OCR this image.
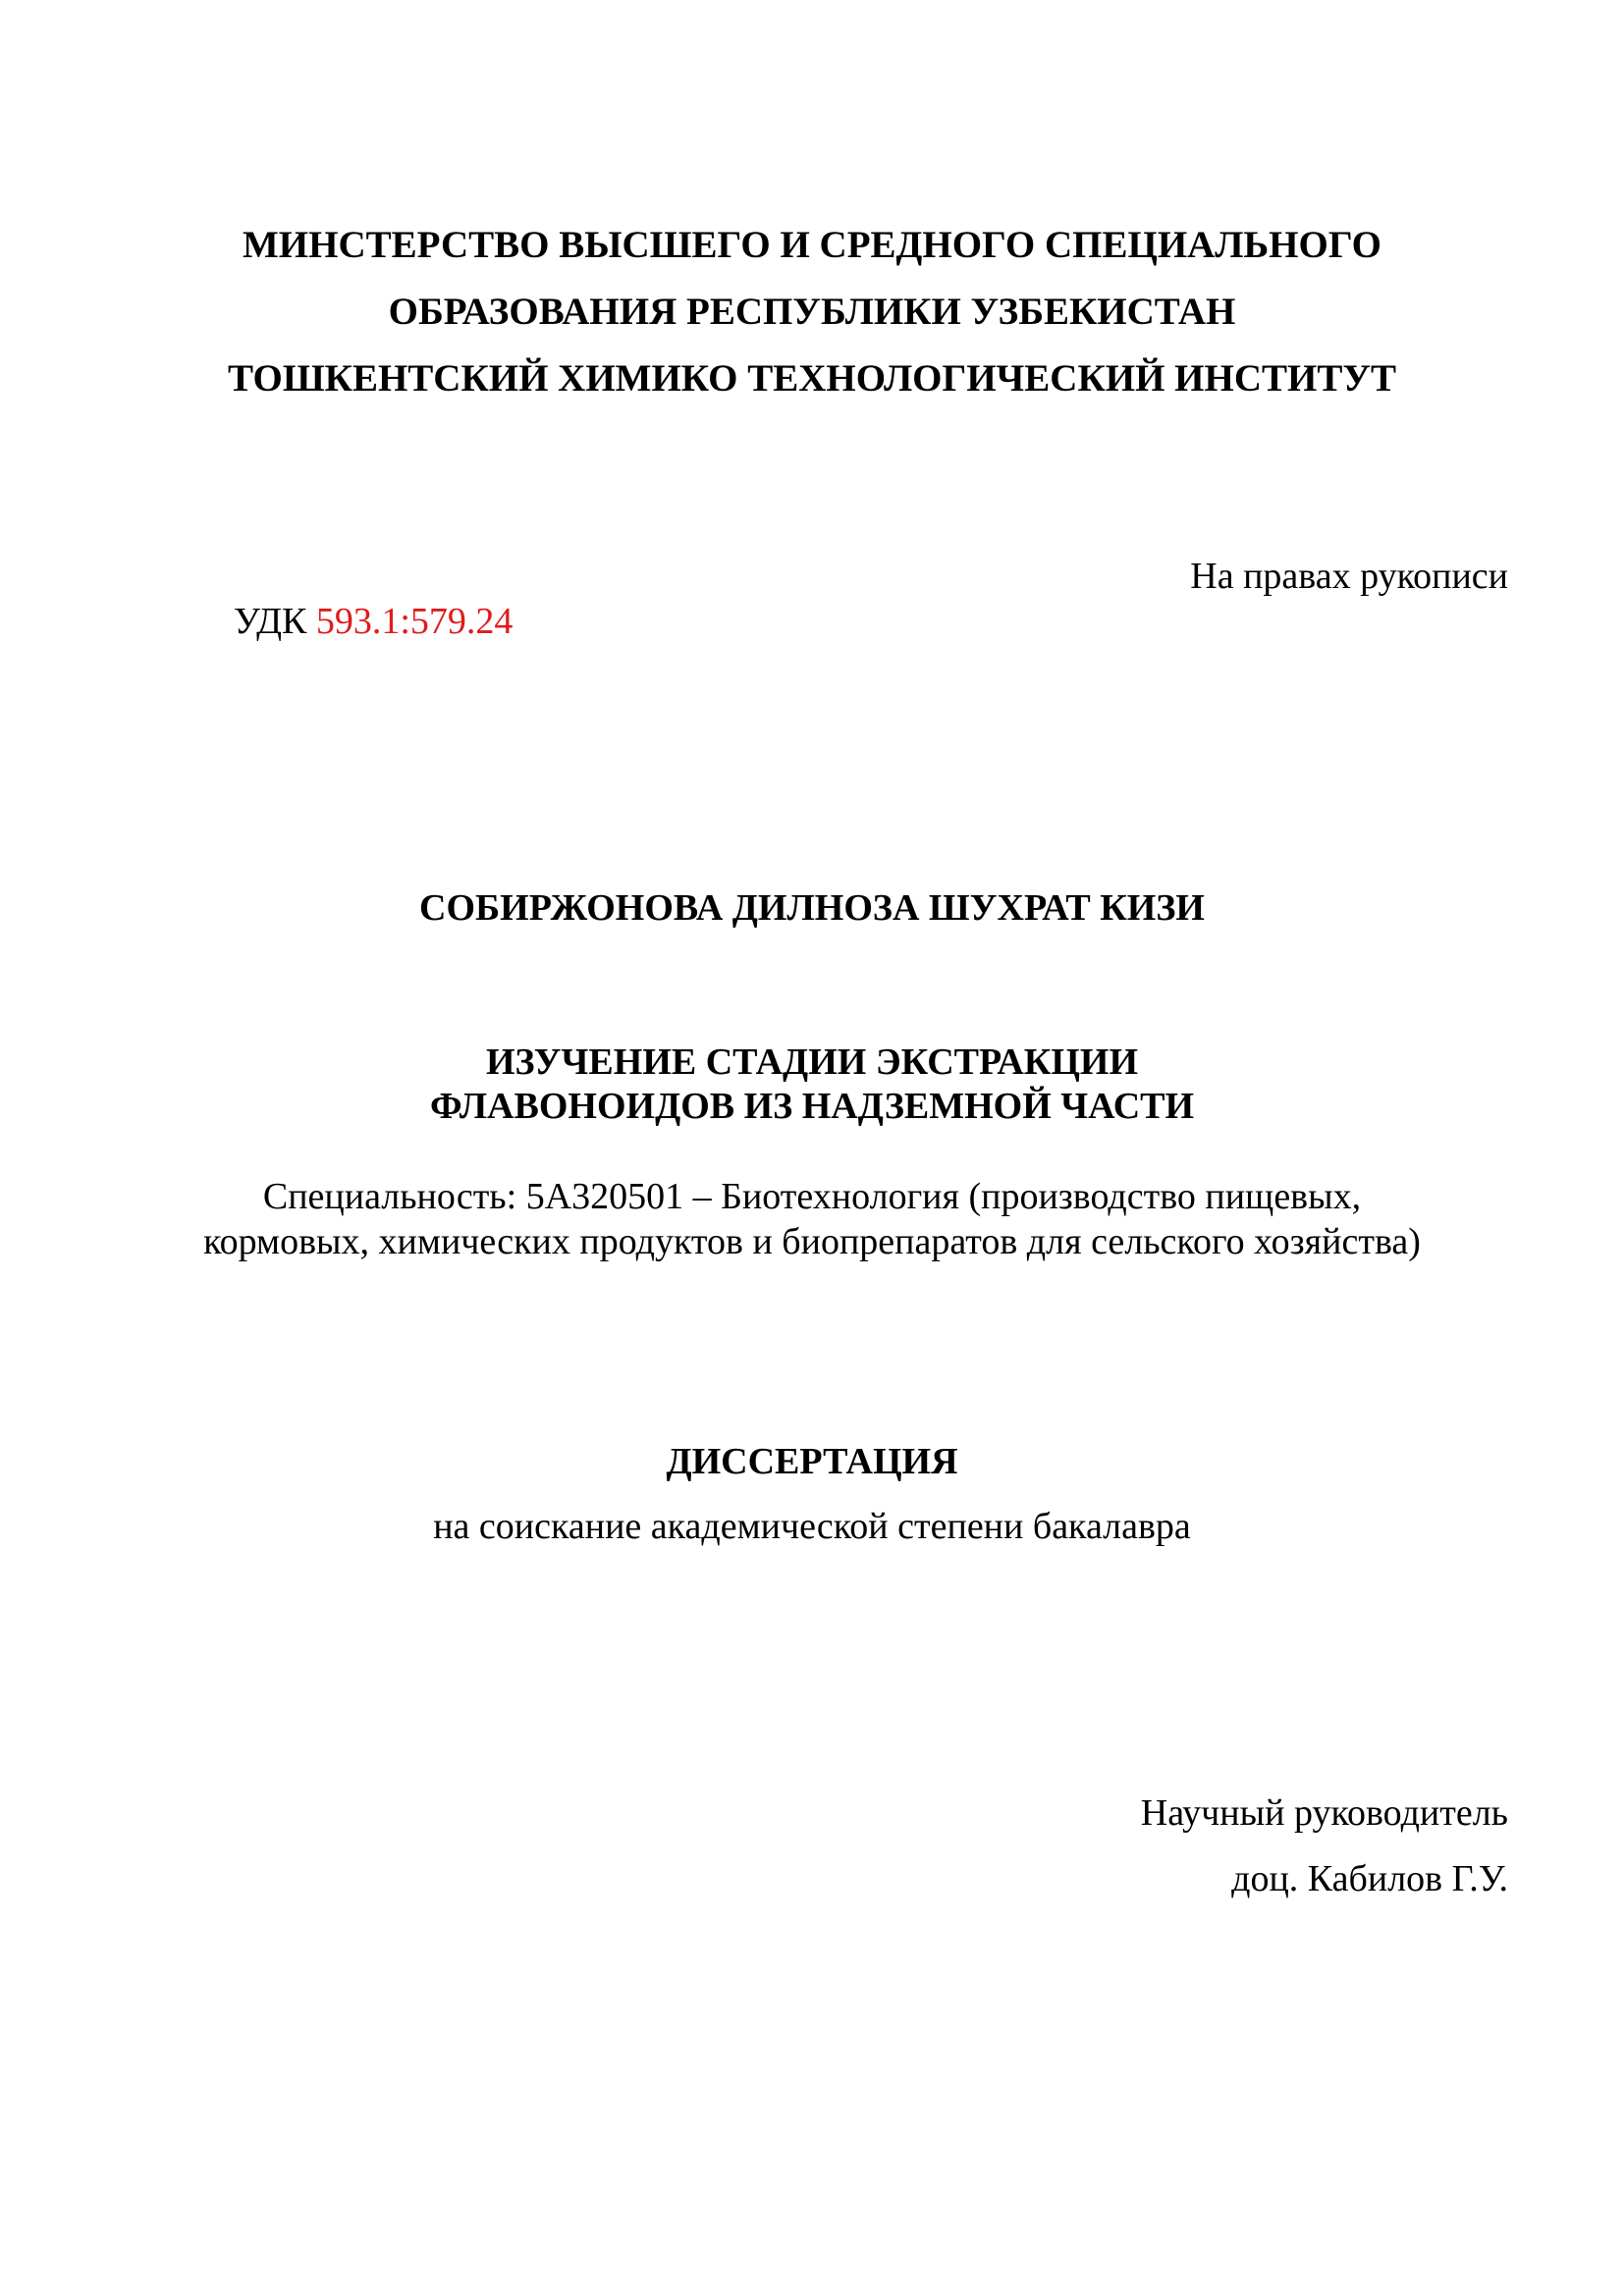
МИНСТЕРСТВО ВЫСШЕГО И СРЕДНОГО СПЕЦИАЛЬНОГО
ОБРАЗОВАНИЯ РЕСПУБЛИКИ УЗБЕКИСТАН
ТОШКЕНТСКИЙ ХИМИКО ТЕХНОЛОГИЧЕСКИЙ ИНСТИТУТ
На правах рукописи
УДК 593.1:579.24
СОБИРЖОНОВА ДИЛНОЗА ШУХРАТ КИЗИ
ИЗУЧЕНИЕ СТАДИИ ЭКСТРАКЦИИ
ФЛАВОНОИДОВ ИЗ НАДЗЕМНОЙ ЧАСТИ
Специальность: 5А320501 – Биотехнология (производство пищевых,
кормовых, химических продуктов и биопрепаратов для сельского хозяйства)
ДИССЕРТАЦИЯ
на соискание академической степени бакалавра
Научный руководитель
доц. Кабилов Г.У.
